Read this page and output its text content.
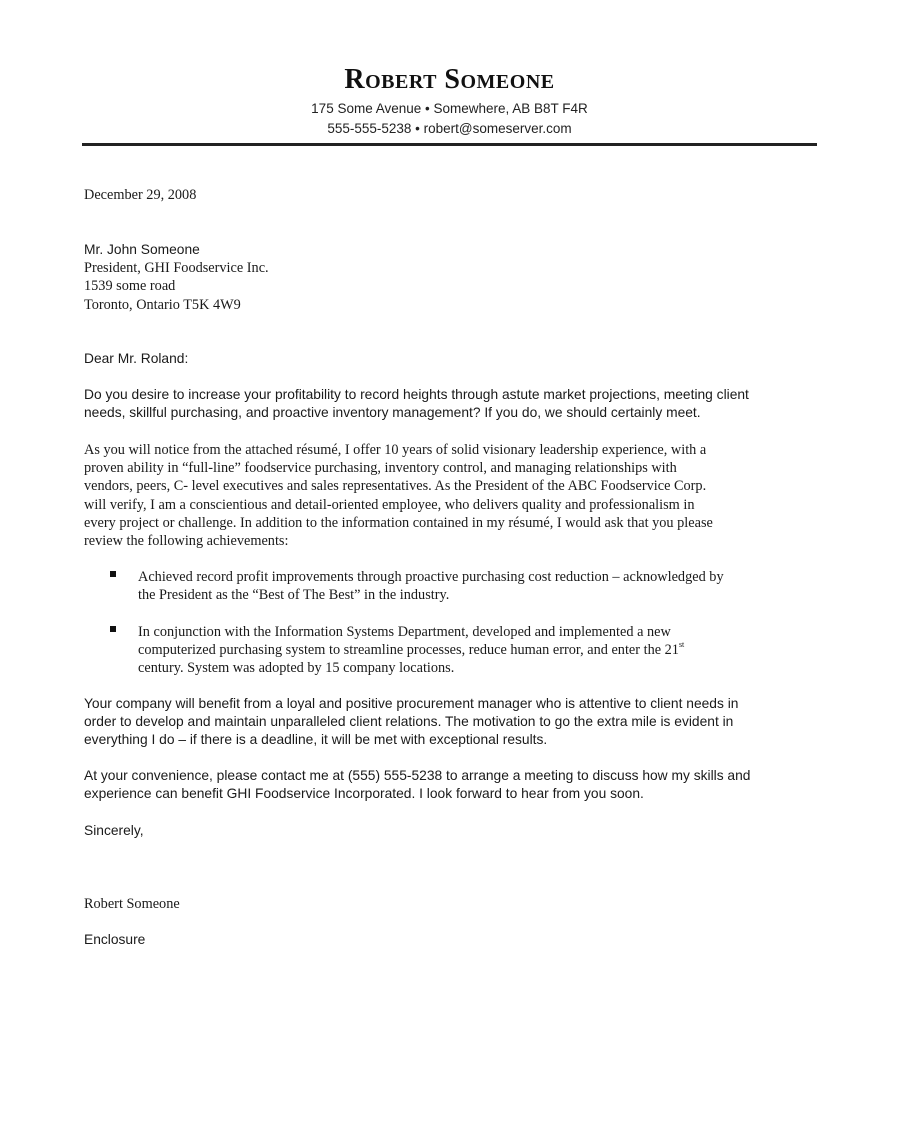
Robert Someone
175 Some Avenue • Somewhere, AB B8T F4R
555-555-5238 • robert@someserver.com
December 29, 2008
Mr. John Someone
President, GHI Foodservice Inc.
1539 some road
Toronto, Ontario T5K 4W9
Dear Mr. Roland:
Do you desire to increase your profitability to record heights through astute market projections, meeting client
needs, skillful purchasing, and proactive inventory management? If you do, we should certainly meet.
As you will notice from the attached résumé, I offer 10 years of solid visionary leadership experience, with a
proven ability in “full-line” foodservice purchasing, inventory control, and managing relationships with
vendors, peers, C- level executives and sales representatives. As the President of the ABC Foodservice Corp.
will verify, I am a conscientious and detail-oriented employee, who delivers quality and professionalism in
every project or challenge. In addition to the information contained in my résumé, I would ask that you please
review the following achievements:
Achieved record profit improvements through proactive purchasing cost reduction – acknowledged by
the President as the “Best of The Best” in the industry.
In conjunction with the Information Systems Department, developed and implemented a new
computerized purchasing system to streamline processes, reduce human error, and enter the 21st
century. System was adopted by 15 company locations.
Your company will benefit from a loyal and positive procurement manager who is attentive to client needs in
order to develop and maintain unparalleled client relations. The motivation to go the extra mile is evident in
everything I do – if there is a deadline, it will be met with exceptional results.
At your convenience, please contact me at (555) 555-5238 to arrange a meeting to discuss how my skills and
experience can benefit GHI Foodservice Incorporated. I look forward to hear from you soon.
Sincerely,
Robert Someone
Enclosure
